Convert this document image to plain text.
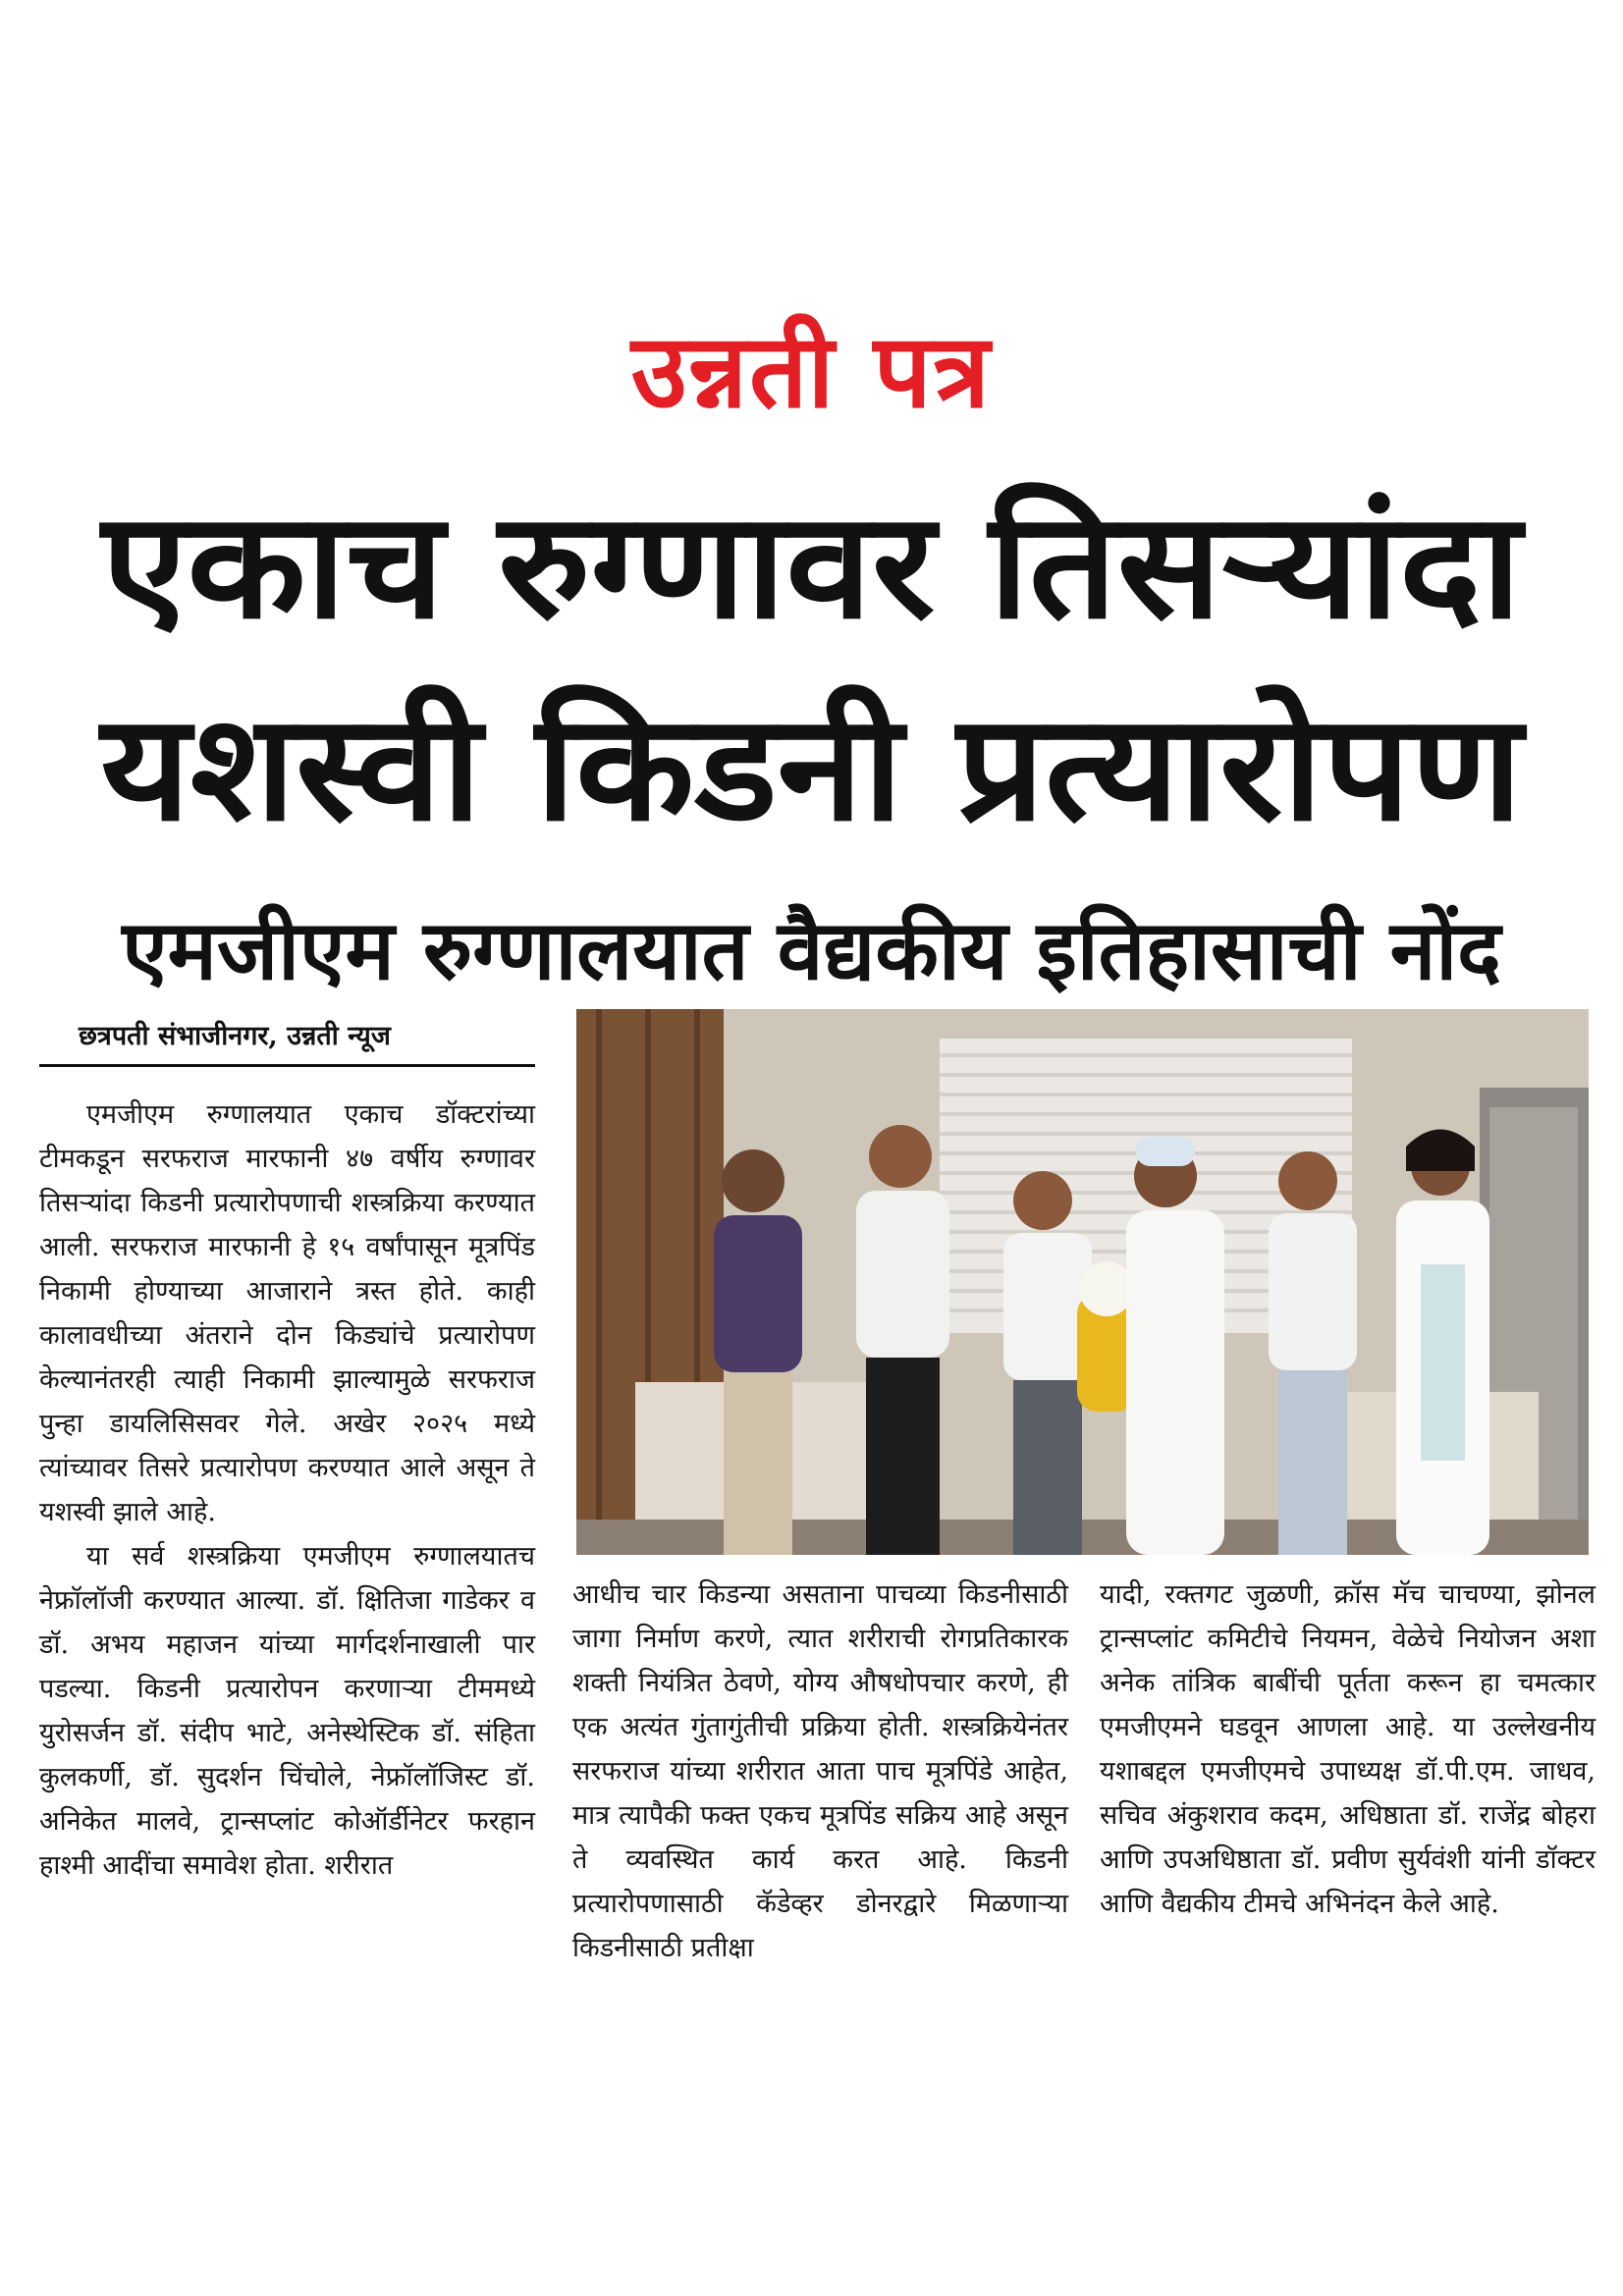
उन्नती पत्र
एकाच रुग्णावर तिसऱ्यांदा
यशस्वी किडनी प्रत्यारोपण
एमजीएम रुग्णालयात वैद्यकीय इतिहासाची नोंद
छत्रपती संभाजीनगर, उन्नती न्यूज

एमजीएम रुग्णालयात एकाच डॉक्टरांच्या टीमकडून सरफराज मारफानी ४७ वर्षीय रुग्णावर तिसऱ्यांदा किडनी प्रत्यारोपणाची शस्त्रक्रिया करण्यात आली. सरफराज मारफानी हे १५ वर्षांपासून मूत्रपिंड निकामी होण्याच्या आजाराने त्रस्त होते. काही कालावधीच्या अंतराने दोन किड्यांचे प्रत्यारोपण केल्यानंतरही त्याही निकामी झाल्यामुळे सरफराज पुन्हा डायलिसिसवर गेले. अखेर २०२५ मध्ये त्यांच्यावर तिसरे प्रत्यारोपण करण्यात आले असून ते यशस्वी झाले आहे.

या सर्व शस्त्रक्रिया एमजीएम रुग्णालयातच नेफ्रॉलॉजी करण्यात आल्या. डॉ. क्षितिजा गाडेकर व डॉ. अभय महाजन यांच्या मार्गदर्शनाखाली पार पडल्या. किडनी प्रत्यारोपन करणाऱ्या टीममध्ये युरोसर्जन डॉ. संदीप भाटे, अनेस्थेस्टिक डॉ. संहिता कुलकर्णी, डॉ. सुदर्शन चिंचोले, नेफ्रॉलॉजिस्ट डॉ. अनिकेत मालवे, ट्रान्सप्लांट कोऑर्डीनेटर फरहान हाश्मी आदींचा समावेश होता. शरीरात

आधीच चार किडन्या असताना पाचव्या किडनीसाठी जागा निर्माण करणे, त्यात शरीराची रोगप्रतिकारक शक्ती नियंत्रित ठेवणे, योग्य औषधोपचार करणे, ही एक अत्यंत गुंतागुंतीची प्रक्रिया होती. शस्त्रक्रियेनंतर सरफराज यांच्या शरीरात आता पाच मूत्रपिंडे आहेत, मात्र त्यापैकी फक्त एकच मूत्रपिंड सक्रिय आहे असून ते व्यवस्थित कार्य करत आहे. किडनी प्रत्यारोपणासाठी कॅडेव्हर डोनरद्वारे मिळणाऱ्या किडनीसाठी प्रतीक्षा

यादी, रक्तगट जुळणी, क्रॉस मॅच चाचण्या, झोनल ट्रान्सप्लांट कमिटीचे नियमन, वेळेचे नियोजन अशा अनेक तांत्रिक बाबींची पूर्तता करून हा चमत्कार एमजीएमने घडवून आणला आहे. या उल्लेखनीय यशाबद्दल एमजीएमचे उपाध्यक्ष डॉ.पी.एम. जाधव, सचिव अंकुशराव कदम, अधिष्ठाता डॉ. राजेंद्र बोहरा आणि उपअधिष्ठाता डॉ. प्रवीण सुर्यवंशी यांनी डॉक्टर आणि वैद्यकीय टीमचे अभिनंदन केले आहे.
